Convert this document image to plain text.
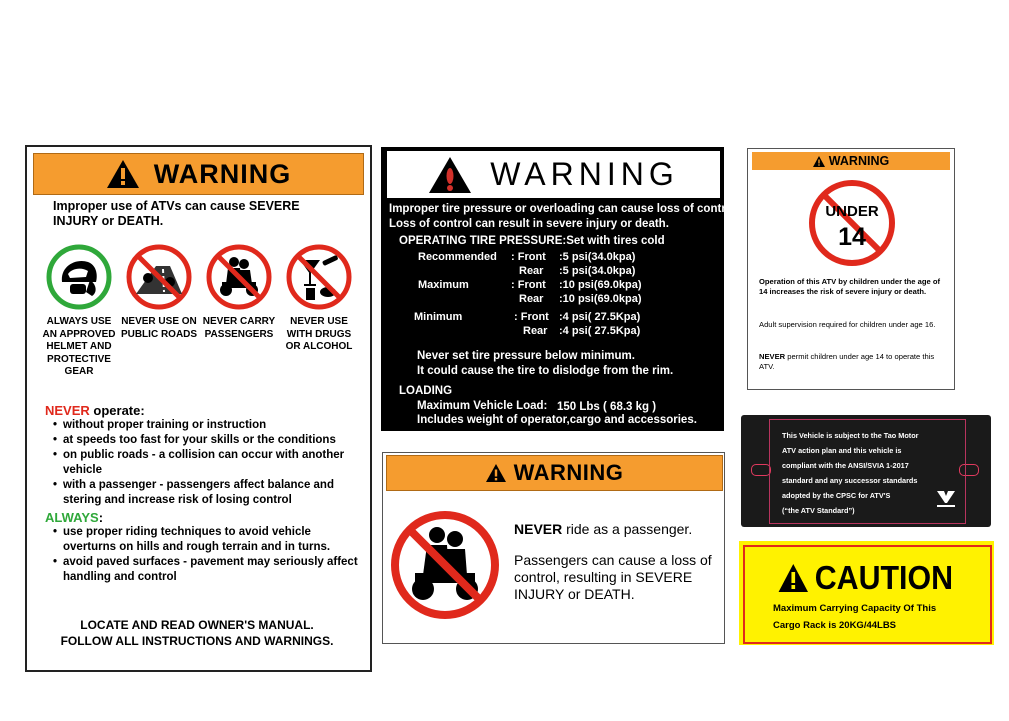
WARNING
Improper use of ATVs can cause SEVERE INJURY or DEATH.
ALWAYS USE AN APPROVED HELMET AND PROTECTIVE GEAR
NEVER USE ON PUBLIC ROADS
NEVER CARRY PASSENGERS
NEVER USE WITH DRUGS OR ALCOHOL
NEVER operate:
• without proper training or instruction
• at speeds too fast for your skills or the conditions
• on public roads - a collision can occur with another vehicle
• with a passenger - passengers affect balance and stering and increase risk of losing control
ALWAYS:
• use proper riding techniques to avoid vehicle overturns on hills and rough terrain and in turns.
• avoid paved surfaces - pavement may seriously affect handling and control
LOCATE AND READ OWNER'S MANUAL.
FOLLOW ALL INSTRUCTIONS AND WARNINGS.
WARNING
Improper tire pressure or overloading can cause loss of control.
Loss of control can result in severe injury or death.
OPERATING TIRE PRESSURE:Set with tires cold
Recommended : Front :5 psi(34.0kpa)
Rear :5 psi(34.0kpa)
Maximum	: Front :10 psi(69.0kpa)
Rear :10 psi(69.0kpa)
Minimum	: Front :4 psi( 27.5Kpa)
Rear :4 psi( 27.5Kpa)
Never set tire pressure below minimum.
It could cause the tire to dislodge from the rim.
LOADING
Maximum Vehicle Load: 150 Lbs ( 68.3 kg )
Includes weight of operator,cargo and accessories.
WARNING
UNDER
14
Operation of this ATV by children under the age of 14 increases the risk of severe injury or death.
Adult supervision required for children under age 16.
NEVER permit children under age 14 to operate this ATV.
WARNING
NEVER ride as a passenger.
Passengers can cause a loss of control, resulting in SEVERE INJURY or DEATH.
This Vehicle is subject to the Tao Motor
ATV action plan and this vehicle is
compliant with the ANSI/SVIA 1-2017
standard and any successor standards
adopted by the CPSC for ATV'S
(“the ATV Standard”)
CAUTION
Maximum Carrying Capacity Of This
Cargo Rack is 20KG/44LBS
